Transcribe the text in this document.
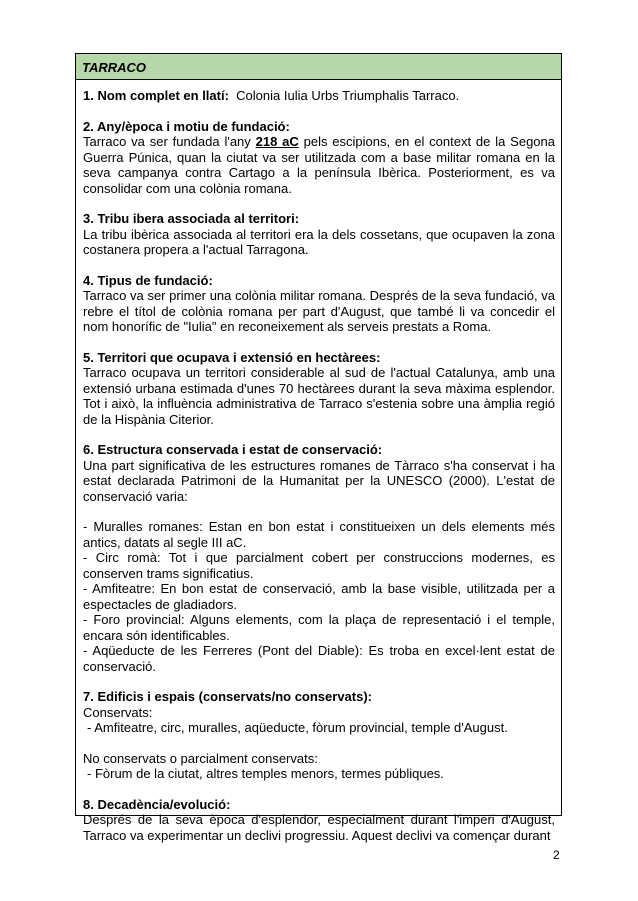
TARRACO

1. Nom complet en llatí: Colonia Iulia Urbs Triumphalis Tarraco.

2. Any/època i motiu de fundació:

Tarraco va ser fundada l'any 218 aC pels escipions, en el context de la Segona Guerra Púnica, quan la ciutat va ser utilitzada com a base militar romana en la seva campanya contra Cartago a la península Ibèrica. Posteriorment, es va consolidar com una colònia romana.

3. Tribu ibera associada al territori:

La tribu ibèrica associada al territori era la dels cossetans, que ocupaven la zona costanera propera a l'actual Tarragona.

4. Tipus de fundació:

Tarraco va ser primer una colònia militar romana. Després de la seva fundació, va rebre el títol de colònia romana per part d'August, que també li va concedir el nom honorífic de "Iulia" en reconeixement als serveis prestats a Roma.

5. Territori que ocupava i extensió en hectàrees:

Tarraco ocupava un territori considerable al sud de l'actual Catalunya, amb una extensió urbana estimada d'unes 70 hectàrees durant la seva màxima esplendor. Tot i això, la influència administrativa de Tarraco s'estenia sobre una àmplia regió de la Hispània Citerior.

6. Estructura conservada i estat de conservació:

Una part significativa de les estructures romanes de Tàrraco s'ha conservat i ha estat declarada Patrimoni de la Humanitat per la UNESCO (2000). L'estat de conservació varia:

- Muralles romanes: Estan en bon estat i constitueixen un dels elements més antics, datats al segle III aC.

- Circ romà: Tot i que parcialment cobert per construccions modernes, es conserven trams significatius.

- Amfiteatre: En bon estat de conservació, amb la base visible, utilitzada per a espectacles de gladiadors.

- Foro provincial: Alguns elements, com la plaça de representació i el temple, encara són identificables.

- Aqüeducte de les Ferreres (Pont del Diable): Es troba en excel·lent estat de conservació.

7. Edificis i espais (conservats/no conservats):

Conservats:

- Amfiteatre, circ, muralles, aqüeducte, fòrum provincial, temple d'August.

No conservats o parcialment conservats:

- Fòrum de la ciutat, altres temples menors, termes públiques.

8. Decadència/evolució:

Després de la seva època d'esplendor, especialment durant l'imperi d'August, Tarraco va experimentar un declivi progressiu. Aquest declivi va començar durant

2
